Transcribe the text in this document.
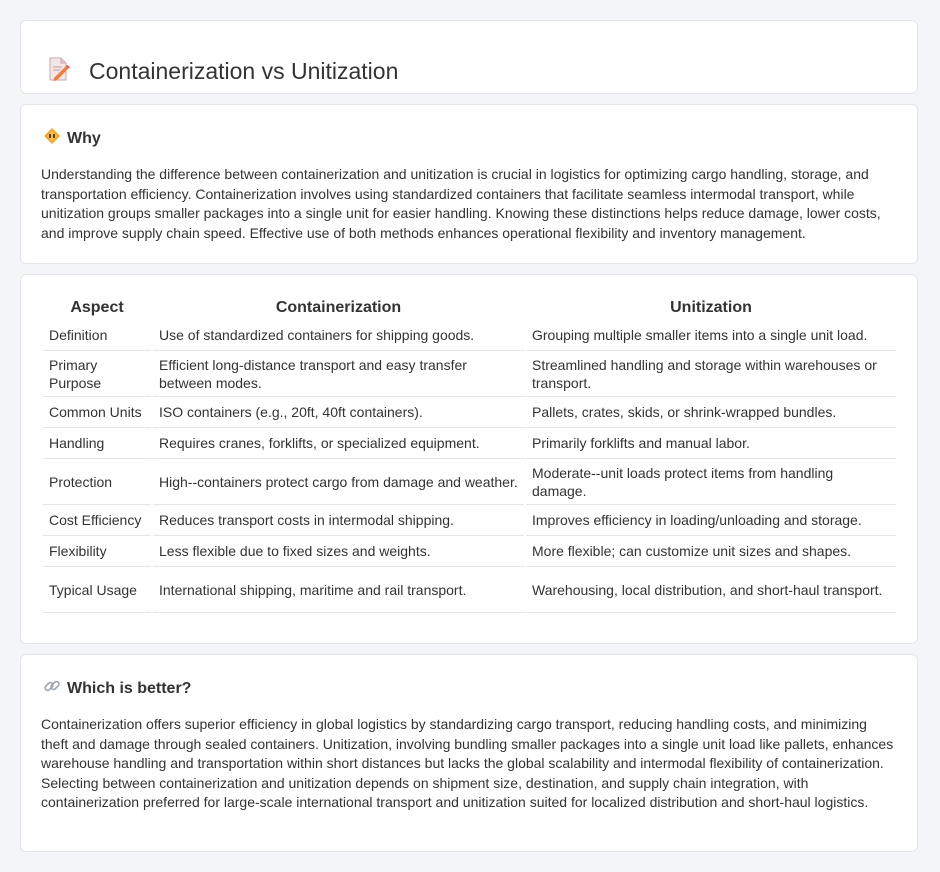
Containerization vs Unitization
Why

Understanding the difference between containerization and unitization is crucial in logistics for optimizing cargo handling, storage, and transportation efficiency. Containerization involves using standardized containers that facilitate seamless intermodal transport, while unitization groups smaller packages into a single unit for easier handling. Knowing these distinctions helps reduce damage, lower costs, and improve supply chain speed. Effective use of both methods enhances operational flexibility and inventory management.

Aspect	Containerization	Unitization
Definition	Use of standardized containers for shipping goods.	Grouping multiple smaller items into a single unit load.
Primary Purpose	Efficient long-distance transport and easy transfer between modes.	Streamlined handling and storage within warehouses or transport.
Common Units	ISO containers (e.g., 20ft, 40ft containers).	Pallets, crates, skids, or shrink-wrapped bundles.
Handling	Requires cranes, forklifts, or specialized equipment.	Primarily forklifts and manual labor.
Protection	High--containers protect cargo from damage and weather.	Moderate--unit loads protect items from handling damage.
Cost Efficiency	Reduces transport costs in intermodal shipping.	Improves efficiency in loading/unloading and storage.
Flexibility	Less flexible due to fixed sizes and weights.	More flexible; can customize unit sizes and shapes.
Typical Usage	International shipping, maritime and rail transport.	Warehousing, local distribution, and short-haul transport.
Which is better?

Containerization offers superior efficiency in global logistics by standardizing cargo transport, reducing handling costs, and minimizing theft and damage through sealed containers. Unitization, involving bundling smaller packages into a single unit load like pallets, enhances warehouse handling and transportation within short distances but lacks the global scalability and intermodal flexibility of containerization. Selecting between containerization and unitization depends on shipment size, destination, and supply chain integration, with containerization preferred for large-scale international transport and unitization suited for localized distribution and short-haul logistics.
